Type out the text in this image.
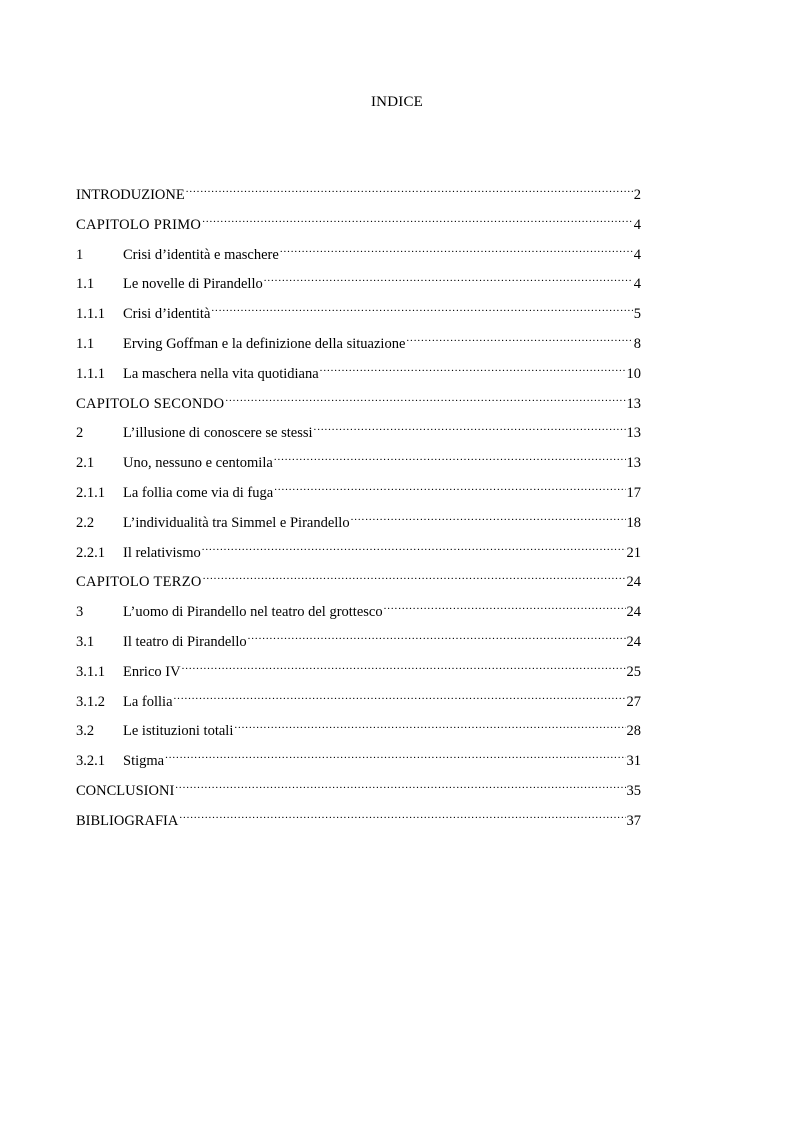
INDICE
INTRODUZIONE .....	2
CAPITOLO PRIMO .....	4
1	Crisi d’identità e maschere .....	4
1.1	Le novelle di Pirandello .....	4
1.1.1	Crisi d’identità .....	5
1.1	Erving Goffman e la definizione della situazione .....	8
1.1.1	La maschera nella vita quotidiana .....	10
CAPITOLO SECONDO .....	13
2	L’illusione di conoscere se stessi .....	13
2.1	Uno, nessuno e centomila .....	13
2.1.1	La follia come via di fuga .....	17
2.2	L’individualità tra Simmel e Pirandello .....	18
2.2.1	Il relativismo .....	21
CAPITOLO TERZO .....	24
3	L’uomo di Pirandello nel teatro del grottesco .....	24
3.1	Il teatro di Pirandello .....	24
3.1.1	Enrico IV .....	25
3.1.2	La follia .....	27
3.2	Le istituzioni totali .....	28
3.2.1	Stigma .....	31
CONCLUSIONI .....	35
BIBLIOGRAFIA .....	37
